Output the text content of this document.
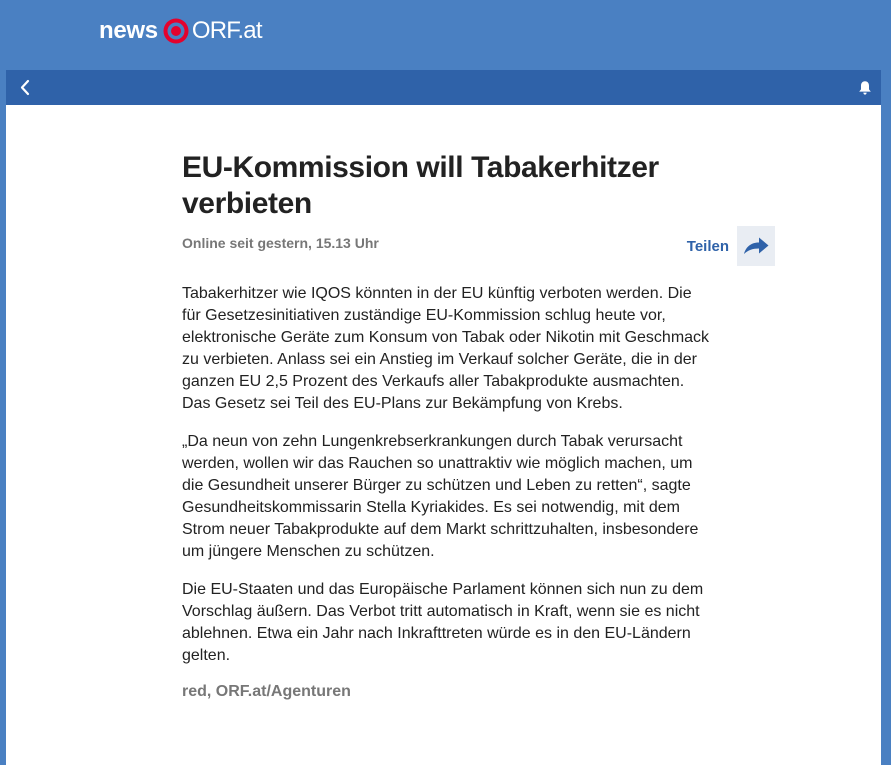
news ORF.at
EU-Kommission will Tabakerhitzer verbieten
Online seit gestern, 15.13 Uhr	Teilen

Tabakerhitzer wie IQOS könnten in der EU künftig verboten werden. Die für Gesetzesinitiativen zuständige EU-Kommission schlug heute vor, elektronische Geräte zum Konsum von Tabak oder Nikotin mit Geschmack zu verbieten. Anlass sei ein Anstieg im Verkauf solcher Geräte, die in der ganzen EU 2,5 Prozent des Verkaufs aller Tabakprodukte ausmachten. Das Gesetz sei Teil des EU-Plans zur Bekämpfung von Krebs.

„Da neun von zehn Lungenkrebserkrankungen durch Tabak verursacht werden, wollen wir das Rauchen so unattraktiv wie möglich machen, um die Gesundheit unserer Bürger zu schützen und Leben zu retten“, sagte Gesundheitskommissarin Stella Kyriakides. Es sei notwendig, mit dem Strom neuer Tabakprodukte auf dem Markt schrittzuhalten, insbesondere um jüngere Menschen zu schützen.

Die EU-Staaten und das Europäische Parlament können sich nun zu dem Vorschlag äußern. Das Verbot tritt automatisch in Kraft, wenn sie es nicht ablehnen. Etwa ein Jahr nach Inkrafttreten würde es in den EU-Ländern gelten.

red, ORF.at/Agenturen
